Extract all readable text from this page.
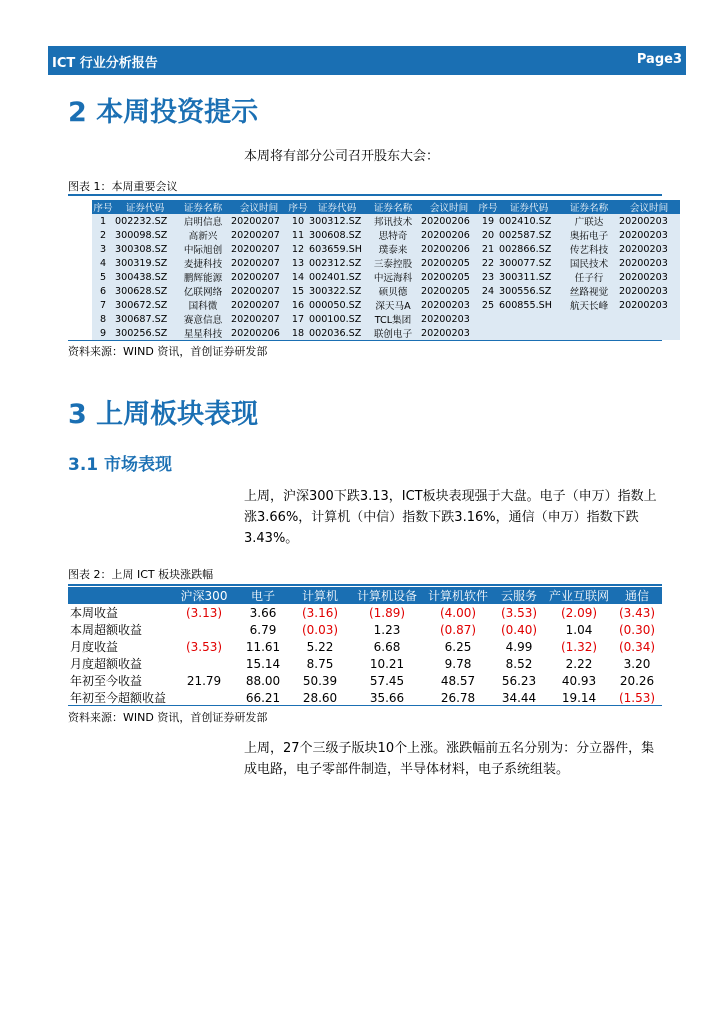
ICT 行业分析报告	Page3
2 本周投资提示
本周将有部分公司召开股东大会：
图表 1：本周重要会议
序号	证券代码	证券名称	会议时间	序号	证券代码	证券名称	会议时间	序号	证券代码	证券名称	会议时间
1	002232.SZ	启明信息	20200207	10	300312.SZ	邦讯技术	20200206	19	002410.SZ	广联达	20200203
2	300098.SZ	高新兴	20200207	11	300608.SZ	思特奇	20200206	20	002587.SZ	奥拓电子	20200203
3	300308.SZ	中际旭创	20200207	12	603659.SH	璞泰来	20200206	21	002866.SZ	传艺科技	20200203
4	300319.SZ	麦捷科技	20200207	13	002312.SZ	三泰控股	20200205	22	300077.SZ	国民技术	20200203
5	300438.SZ	鹏辉能源	20200207	14	002401.SZ	中远海科	20200205	23	300311.SZ	任子行	20200203
6	300628.SZ	亿联网络	20200207	15	300322.SZ	硕贝德	20200205	24	300556.SZ	丝路视觉	20200203
7	300672.SZ	国科微	20200207	16	000050.SZ	深天马A	20200203	25	600855.SH	航天长峰	20200203
8	300687.SZ	赛意信息	20200207	17	000100.SZ	TCL集团	20200203				
9	300256.SZ	星星科技	20200206	18	002036.SZ	联创电子	20200203				
资料来源：WIND 资讯，首创证券研发部
3 上周板块表现
3.1 市场表现
上周，沪深300下跌3.13，ICT板块表现强于大盘。电子（申万）指数上涨3.66%，计算机（中信）指数下跌3.16%，通信（申万）指数下跌3.43%。
图表 2：上周 ICT 板块涨跌幅
	沪深300	电子	计算机	计算机设备	计算机软件	云服务	产业互联网	通信
本周收益	(3.13)	3.66	(3.16)	(1.89)	(4.00)	(3.53)	(2.09)	(3.43)
本周超额收益		6.79	(0.03)	1.23	(0.87)	(0.40)	1.04	(0.30)
月度收益	(3.53)	11.61	5.22	6.68	6.25	4.99	(1.32)	(0.34)
月度超额收益		15.14	8.75	10.21	9.78	8.52	2.22	3.20
年初至今收益	21.79	88.00	50.39	57.45	48.57	56.23	40.93	20.26
年初至今超额收益		66.21	28.60	35.66	26.78	34.44	19.14	(1.53)
资料来源：WIND 资讯，首创证券研发部
上周，27个三级子版块10个上涨。涨跌幅前五名分别为：分立器件，集成电路，电子零部件制造，半导体材料，电子系统组装。
